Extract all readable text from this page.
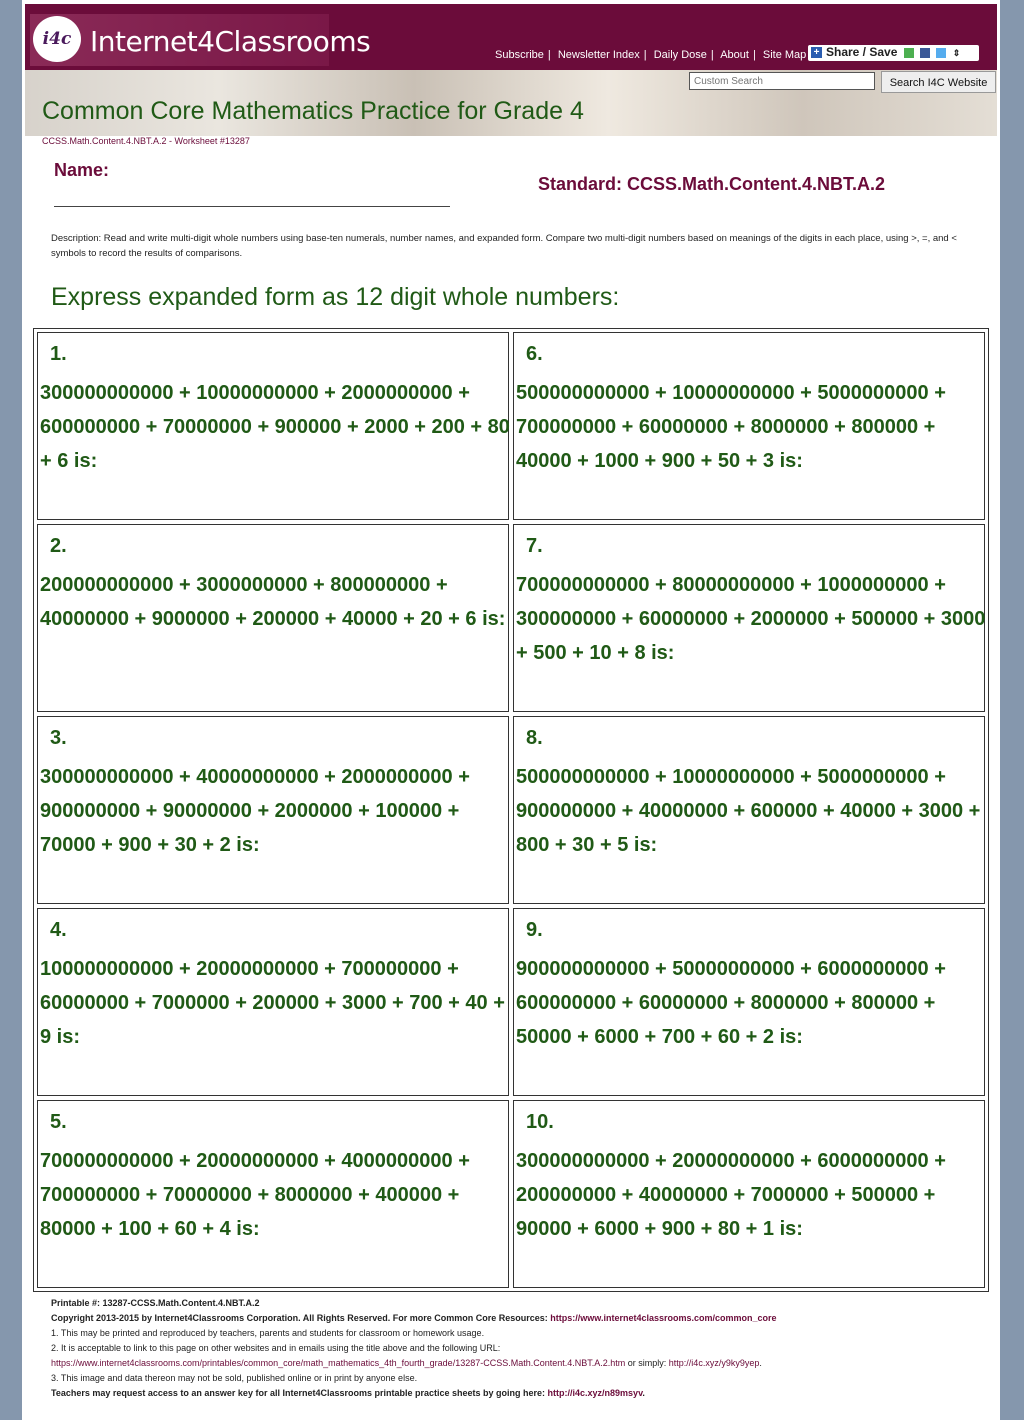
i4c Internet4Classrooms	Subscribe | Newsletter Index | Daily Dose | About | Site Map + Share / Save	⇕
Custom Search
Search I4C Website
Common Core Mathematics Practice for Grade 4
CCSS.Math.Content.4.NBT.A.2 - Worksheet #13287
Name:
Standard: CCSS.Math.Content.4.NBT.A.2
Description: Read and write multi-digit whole numbers using base-ten numerals, number names, and expanded form. Compare two multi-digit numbers based on meanings of the digits in each place, using >, =, and < symbols to record the results of comparisons.
Express expanded form as 12 digit whole numbers:
1.
300000000000 + 10000000000 + 2000000000 + 600000000 + 70000000 + 900000 + 2000 + 200 + 80 + 6 is:
2.
200000000000 + 3000000000 + 800000000 + 40000000 + 9000000 + 200000 + 40000 + 20 + 6 is:
3.
300000000000 + 40000000000 + 2000000000 + 900000000 + 90000000 + 2000000 + 100000 + 70000 + 900 + 30 + 2 is:
4.
100000000000 + 20000000000 + 700000000 + 60000000 + 7000000 + 200000 + 3000 + 700 + 40 + 9 is:
5.
700000000000 + 20000000000 + 4000000000 + 700000000 + 70000000 + 8000000 + 400000 + 80000 + 100 + 60 + 4 is:
6.
500000000000 + 10000000000 + 5000000000 + 700000000 + 60000000 + 8000000 + 800000 + 40000 + 1000 + 900 + 50 + 3 is:
7.
700000000000 + 80000000000 + 1000000000 + 300000000 + 60000000 + 2000000 + 500000 + 3000 + 500 + 10 + 8 is:
8.
500000000000 + 10000000000 + 5000000000 + 900000000 + 40000000 + 600000 + 40000 + 3000 + 800 + 30 + 5 is:
9.
900000000000 + 50000000000 + 6000000000 + 600000000 + 60000000 + 8000000 + 800000 + 50000 + 6000 + 700 + 60 + 2 is:
10.
300000000000 + 20000000000 + 6000000000 + 200000000 + 40000000 + 7000000 + 500000 + 90000 + 6000 + 900 + 80 + 1 is:
Printable #: 13287-CCSS.Math.Content.4.NBT.A.2
Copyright 2013-2015 by Internet4Classrooms Corporation. All Rights Reserved. For more Common Core Resources: https://www.internet4classrooms.com/common_core
1. This may be printed and reproduced by teachers, parents and students for classroom or homework usage.
2. It is acceptable to link to this page on other websites and in emails using the title above and the following URL:
https://www.internet4classrooms.com/printables/common_core/math_mathematics_4th_fourth_grade/13287-CCSS.Math.Content.4.NBT.A.2.htm or simply: http://i4c.xyz/y9ky9yep.
3. This image and data thereon may not be sold, published online or in print by anyone else.
Teachers may request access to an answer key for all Internet4Classrooms printable practice sheets by going here: http://i4c.xyz/n89msyv.
